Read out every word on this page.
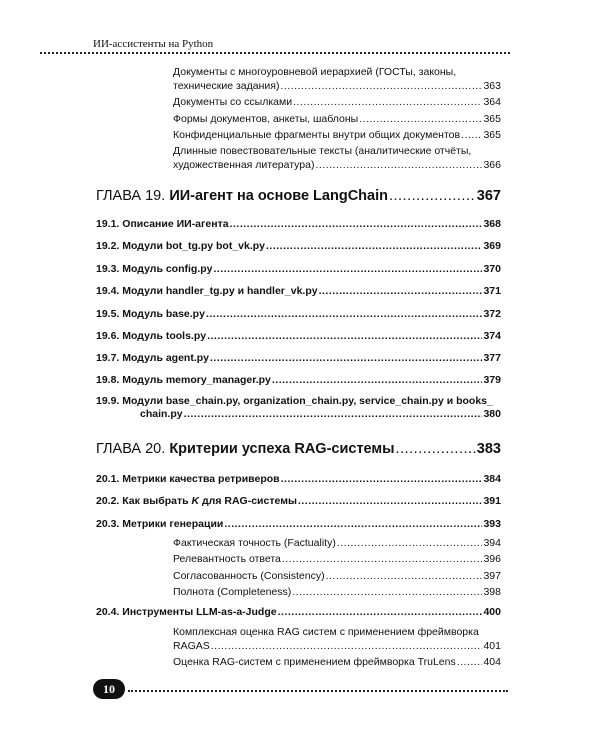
ИИ-ассистенты на Python
Документы с многоуровневой иерархией (ГОСТы, законы,
технические задания) .....	363
Документы со ссылками .....	364
Формы документов, анкеты, шаблоны .....	365
Конфиденциальные фрагменты внутри общих документов ..... 365
Длинные повествовательные тексты (аналитические отчёты,
художественная литература) .....	366
ГЛАВА 19. ИИ-агент на основе LangChain .....	367
19.1. Описание ИИ-агента .....	368
19.2. Модули bot_tg.py bot_vk.py .....	369
19.3. Модуль config.py .....	370
19.4. Модули handler_tg.py и handler_vk.py .....	371
19.5. Модуль base.py .....	372
19.6. Модуль tools.py .....	374
19.7. Модуль agent.py .....	377
19.8. Модуль memory_manager.py .....	379
19.9. Модули base_chain.py, organization_chain.py, service_chain.py и books_
chain.py .....	380
ГЛАВА 20. Критерии успеха RAG-системы .....	383
20.1. Метрики качества ретриверов .....	384
20.2. Как выбрать K для RAG-системы .....	391
20.3. Метрики генерации .....	393
Фактическая точность (Factuality) .....	394
Релевантность ответа .....	396
Согласованность (Consistency) .....	397
Полнота (Completeness) .....	398
20.4. Инструменты LLM-as-a-Judge .....	400
Комплексная оценка RAG систем с применением фреймворка
RAGAS .....	401
Оценка RAG-систем с применением фреймворка TruLens .....	404
10
